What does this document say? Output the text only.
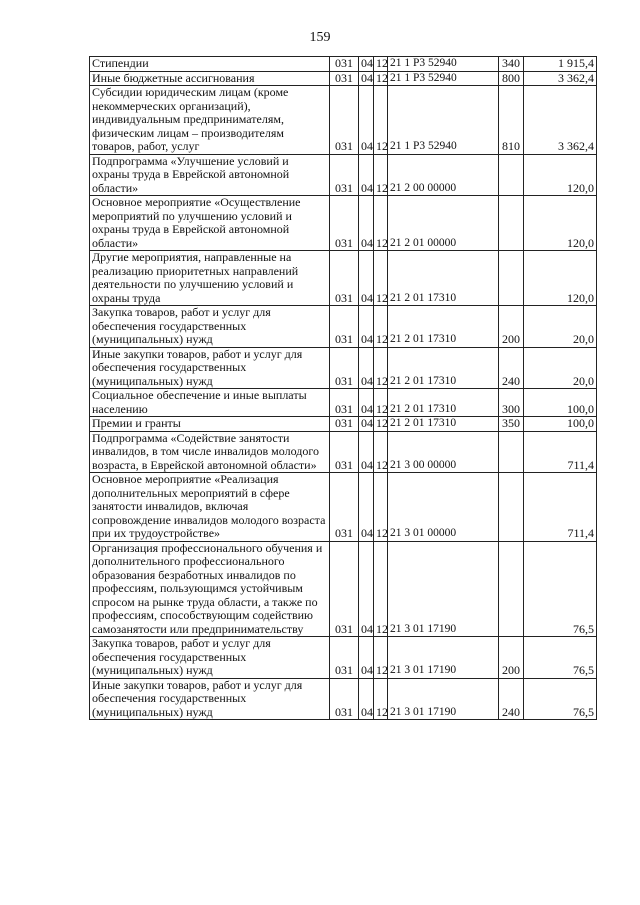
159
Стипендии	031	04	12	21 1 Р3 52940	340	1 915,4
Иные бюджетные ассигнования	031	04	12	21 1 Р3 52940	800	3 362,4
Субсидии юридическим лицам (кроме некоммерческих организаций), индивидуальным предпринимателям, физическим лицам – производителям товаров, работ, услуг	031	04	12	21 1 Р3 52940	810	3 362,4
Подпрограмма «Улучшение условий и охраны труда в Еврейской автономной области»	031	04	12	21 2 00 00000		120,0
Основное мероприятие «Осуществление мероприятий по улучшению условий и охраны труда в Еврейской автономной области»	031	04	12	21 2 01 00000		120,0
Другие мероприятия, направленные на реализацию приоритетных направлений деятельности по улучшению условий и охраны труда	031	04	12	21 2 01 17310		120,0
Закупка товаров, работ и услуг для обеспечения государственных (муниципальных) нужд	031	04	12	21 2 01 17310	200	20,0
Иные закупки товаров, работ и услуг для обеспечения государственных (муниципальных) нужд	031	04	12	21 2 01 17310	240	20,0
Социальное обеспечение и иные выплаты населению	031	04	12	21 2 01 17310	300	100,0
Премии и гранты	031	04	12	21 2 01 17310	350	100,0
Подпрограмма «Содействие занятости инвалидов, в том числе инвалидов молодого возраста, в Еврейской автономной области»	031	04	12	21 3 00 00000		711,4
Основное мероприятие «Реализация дополнительных мероприятий в сфере занятости инвалидов, включая сопровождение инвалидов молодого возраста при их трудоустройстве»	031	04	12	21 3 01 00000		711,4
Организация профессионального обучения и дополнительного профессионального образования безработных инвалидов по профессиям, пользующимся устойчивым спросом на рынке труда области, а также по профессиям, способствующим содействию самозанятости или предпринимательству	031	04	12	21 3 01 17190		76,5
Закупка товаров, работ и услуг для обеспечения государственных (муниципальных) нужд	031	04	12	21 3 01 17190	200	76,5
Иные закупки товаров, работ и услуг для обеспечения государственных (муниципальных) нужд	031	04	12	21 3 01 17190	240	76,5
